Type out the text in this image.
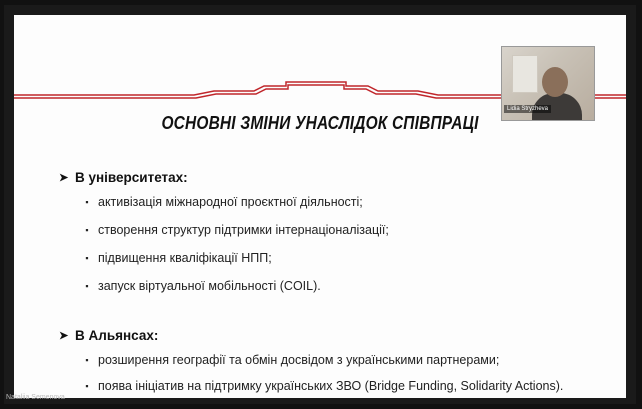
ОСНОВНІ ЗМІНИ УНАСЛІДОК СПІВПРАЦІ
➤ В університетах:
▪ активізація міжнародної проєктної діяльності;
▪ створення структур підтримки інтернаціоналізації;
▪ підвищення кваліфікації НПП;
▪ запуск віртуальної мобільності (COIL).
➤ В Альянсах:
▪ розширення географії та обмін досвідом з українськими партнерами;
▪ поява ініціатив на підтримку українських ЗВО (Bridge Funding, Solidarity Actions).
Lidia Stryzheva
Nataliia Semenova
